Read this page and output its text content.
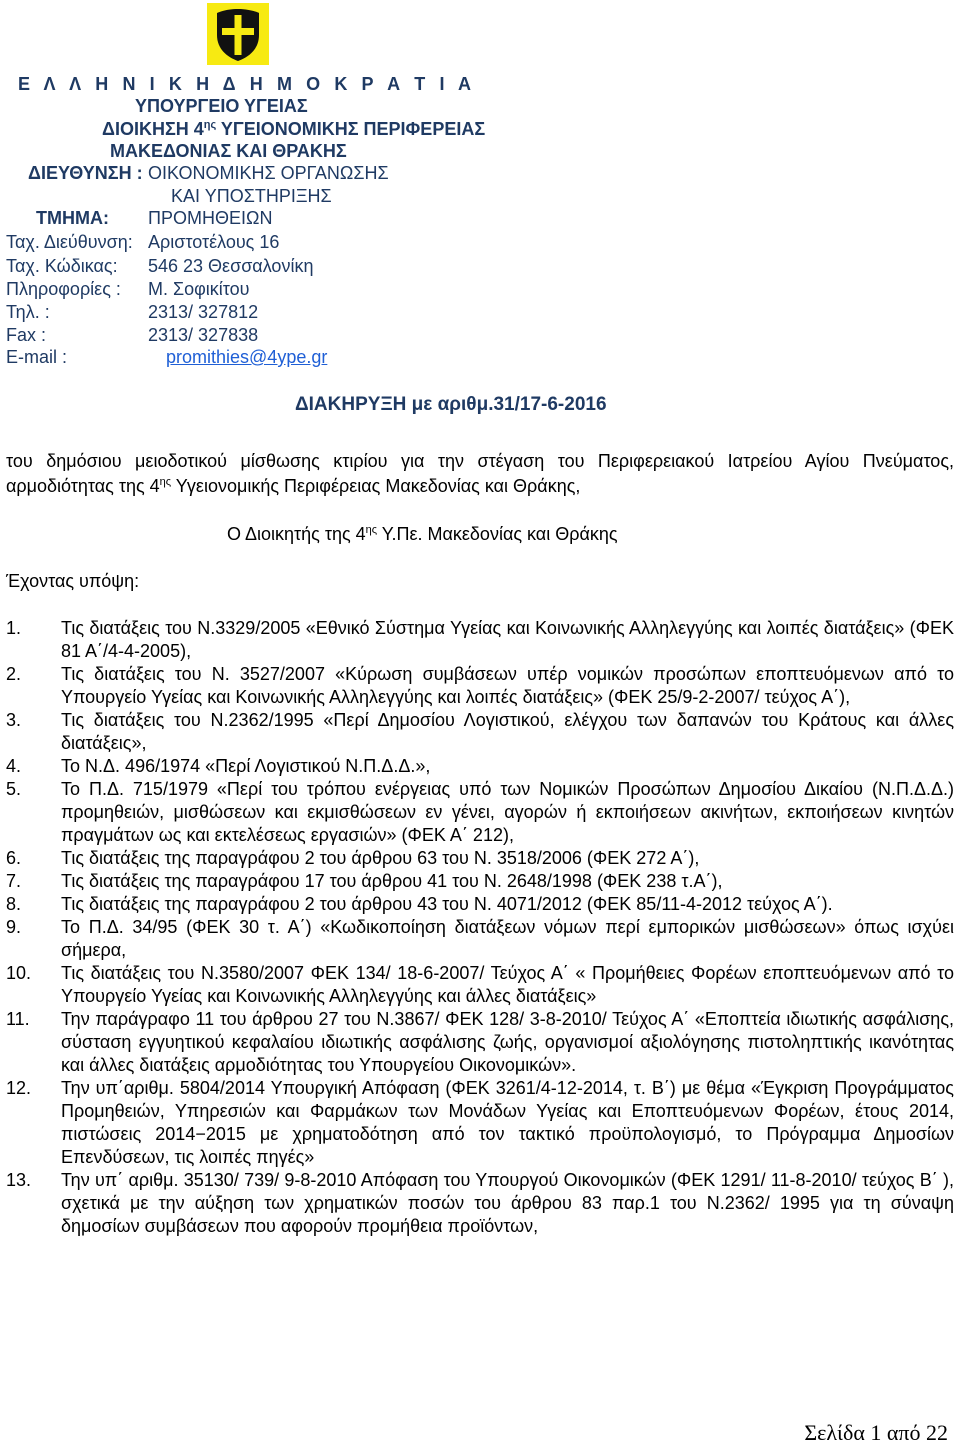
Ε Λ Λ Η Ν Ι Κ Η Δ Η Μ Ο Κ Ρ Α Τ Ι Α
ΥΠΟΥΡΓΕΙΟ ΥΓΕΙΑΣ
ΔΙΟΙΚΗΣΗ $4^{\eta\varsigma}$ ΥΓΕΙΟΝΟΜΙΚΗΣ ΠΕΡΙΦΕΡΕΙΑΣ
ΜΑΚΕΔΟΝΙΑΣ ΚΑΙ ΘΡΑΚΗΣ
ΔΙΕΥΘΥΝΣΗ : ΟΙΚΟΝΟΜΙΚΗΣ ΟΡΓΑΝΩΣΗΣ
ΚΑΙ ΥΠΟΣΤΗΡΙΞΗΣ
ΤΜΗΜΑ: ΠΡΟΜΗΘΕΙΩΝ
Ταχ. Διεύθυνση: Αριστοτέλους 16
Ταχ. Κώδικας: 546 23 Θεσσαλονίκη
Πληροφορίες : Μ. Σοφικίτου
Τηλ. :	2313/ 327812
Fax :	2313/ 327838
E-mail :	promithies@4ype.gr
ΔΙΑΚΗΡΥΞΗ με αριθμ.31/17-6-2016
του δημόσιου μειοδοτικού μίσθωσης κτιρίου για την στέγαση του Περιφερειακού Ιατρείου Αγίου Πνεύματος, αρμοδιότητας της $4^{\eta\varsigma}$ Υγειονομικής Περιφέρειας Μακεδονίας και Θράκης,
Ο Διοικητής της $4^{\eta\varsigma}$ Υ.Πε. Μακεδονίας και Θράκης
Έχοντας υπόψη:
1. Τις διατάξεις του Ν.3329/2005 «Εθνικό Σύστημα Υγείας και Κοινωνικής Αλληλεγγύης και λοιπές διατάξεις» (ΦΕΚ 81 Α΄/4-4-2005),
2. Τις διατάξεις του Ν. 3527/2007 «Κύρωση συμβάσεων υπέρ νομικών προσώπων εποπτευόμενων από το Υπουργείο Υγείας και Κοινωνικής Αλληλεγγύης και λοιπές διατάξεις» (ΦΕΚ 25/9-2-2007/ τεύχος Α΄),
3. Τις διατάξεις του Ν.2362/1995 «Περί Δημοσίου Λογιστικού, ελέγχου των δαπανών του Κράτους και άλλες διατάξεις»,
4. Το Ν.Δ. 496/1974 «Περί Λογιστικού Ν.Π.Δ.Δ.»,
5. Το Π.Δ. 715/1979 «Περί του τρόπου ενέργειας υπό των Νομικών Προσώπων Δημοσίου Δικαίου (Ν.Π.Δ.Δ.) προμηθειών, μισθώσεων και εκμισθώσεων εν γένει, αγορών ή εκποιήσεων ακινήτων, εκποιήσεων κινητών πραγμάτων ως και εκτελέσεως εργασιών» (ΦΕΚ Α΄ 212),
6. Τις διατάξεις της παραγράφου 2 του άρθρου 63 του Ν. 3518/2006 (ΦΕΚ 272 Α΄),
7. Τις διατάξεις της παραγράφου 17 του άρθρου 41 του Ν. 2648/1998 (ΦΕΚ 238 τ.Α΄),
8. Τις διατάξεις της παραγράφου 2 του άρθρου 43 του Ν. 4071/2012 (ΦΕΚ 85/11-4-2012 τεύχος Α΄).
9. Το Π.Δ. 34/95 (ΦΕΚ 30 τ. Α΄) «Κωδικοποίηση διατάξεων νόμων περί εμπορικών μισθώσεων» όπως ισχύει σήμερα,
10. Τις διατάξεις του Ν.3580/2007 ΦΕΚ 134/ 18-6-2007/ Τεύχος Α΄ « Προμήθειες Φορέων εποπτευόμενων από το Υπουργείο Υγείας και Κοινωνικής Αλληλεγγύης και άλλες διατάξεις»
11. Την παράγραφο 11 του άρθρου 27 του Ν.3867/ ΦΕΚ 128/ 3-8-2010/ Τεύχος Α΄ «Εποπτεία ιδιωτικής ασφάλισης, σύσταση εγγυητικού κεφαλαίου ιδιωτικής ασφάλισης ζωής, οργανισμοί αξιολόγησης πιστοληπτικής ικανότητας και άλλες διατάξεις αρμοδιότητας του Υπουργείου Οικονομικών».
12. Την υπ΄αριθμ. 5804/2014 Υπουργική Απόφαση (ΦΕΚ 3261/4-12-2014, τ. Β΄) με θέμα «Έγκριση Προγράμματος Προμηθειών, Υπηρεσιών και Φαρμάκων των Μονάδων Υγείας και Εποπτευόμενων Φορέων, έτους 2014, πιστώσεις 2014−2015 με χρηματοδότηση από τον τακτικό προϋπολογισμό, το Πρόγραμμα Δημοσίων Επενδύσεων, τις λοιπές πηγές»
13. Την υπ΄ αριθμ. 35130/ 739/ 9-8-2010 Απόφαση του Υπουργού Οικονομικών (ΦΕΚ 1291/ 11-8-2010/ τεύχος Β΄ ), σχετικά με την αύξηση των χρηματικών ποσών του άρθρου 83 παρ.1 του Ν.2362/ 1995 για τη σύναψη δημοσίων συμβάσεων που αφορούν προμήθεια προϊόντων,
Σελίδα 1 από 22
